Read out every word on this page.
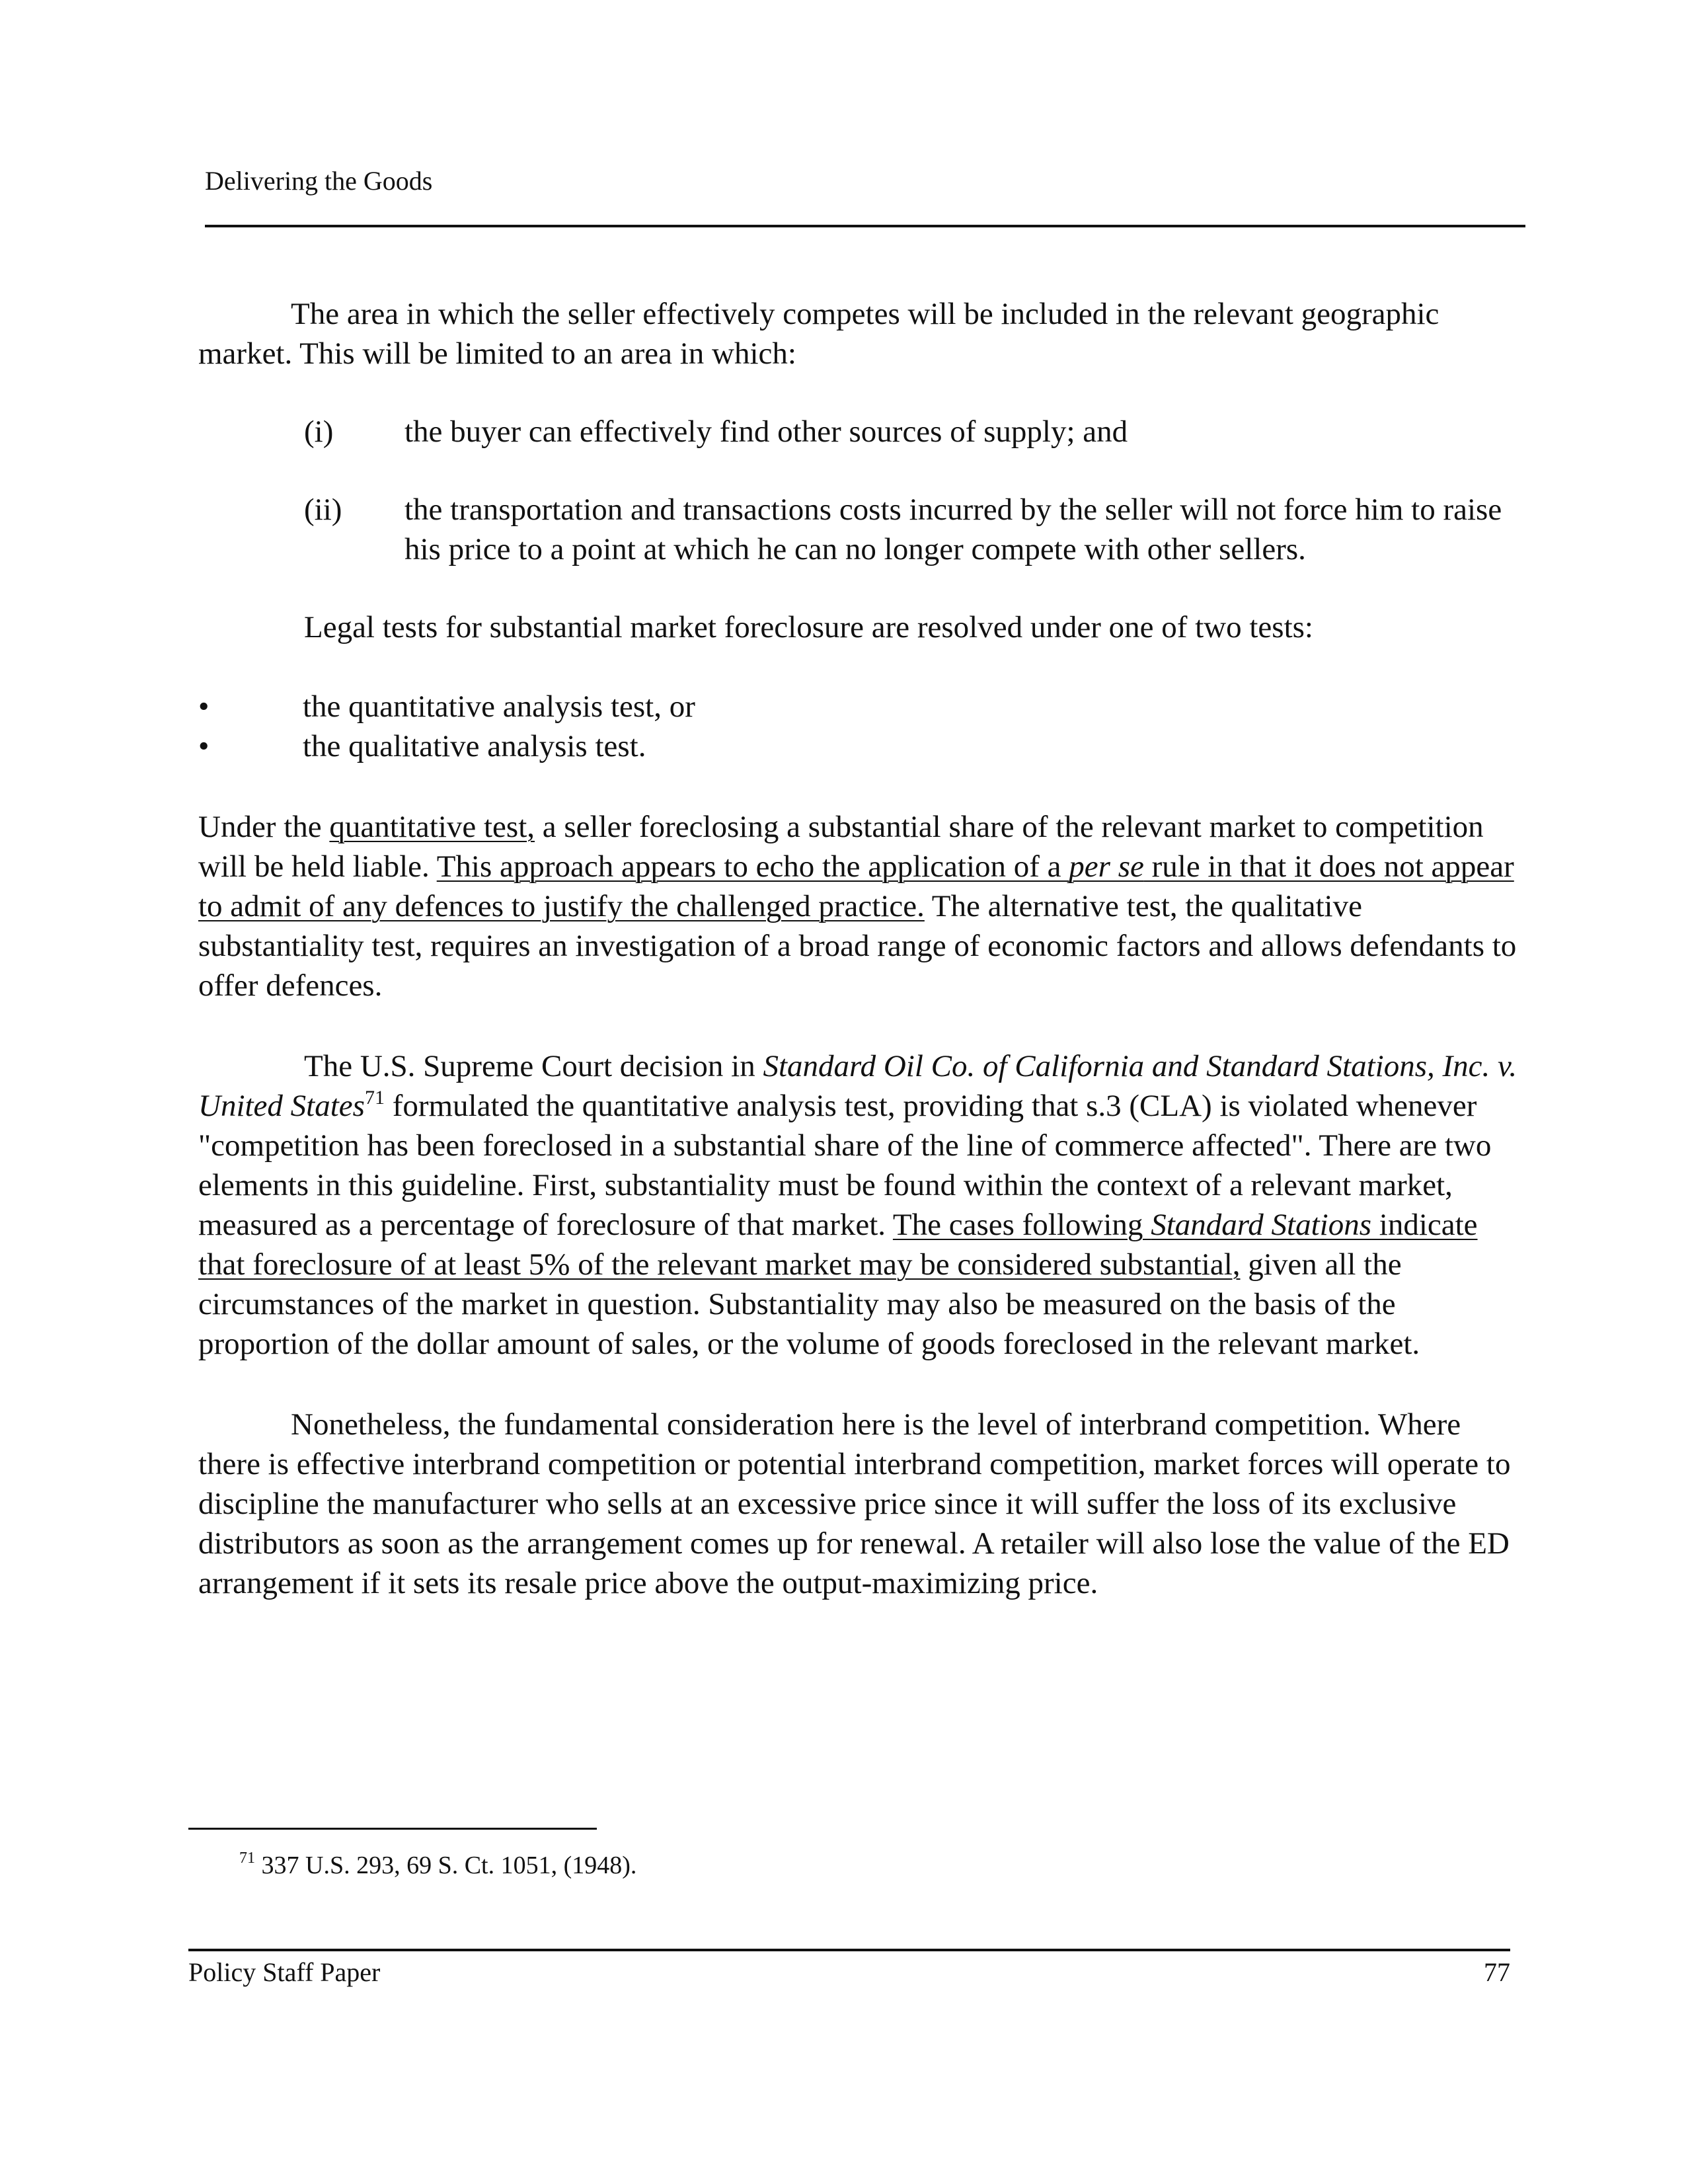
Delivering the Goods

The area in which the seller effectively competes will be included in the relevant geographic market. This will be limited to an area in which:

(i) the buyer can effectively find other sources of supply; and
(ii) the transportation and transactions costs incurred by the seller will not force him to raise his price to a point at which he can no longer compete with other sellers.

Legal tests for substantial market foreclosure are resolved under one of two tests:

•	the quantitative analysis test, or
•	the qualitative analysis test.

Under the quantitative test, a seller foreclosing a substantial share of the relevant market to competition will be held liable. This approach appears to echo the application of a per se rule in that it does not appear to admit of any defences to justify the challenged practice. The alternative test, the qualitative substantiality test, requires an investigation of a broad range of economic factors and allows defendants to offer defences.

The U.S. Supreme Court decision in Standard Oil Co. of California and Standard Stations, Inc. v. United States$^{71}$ formulated the quantitative analysis test, providing that s.3 (CLA) is violated whenever "competition has been foreclosed in a substantial share of the line of commerce affected". There are two elements in this guideline. First, substantiality must be found within the context of a relevant market, measured as a percentage of foreclosure of that market. The cases following Standard Stations indicate that foreclosure of at least 5% of the relevant market may be considered substantial, given all the circumstances of the market in question. Substantiality may also be measured on the basis of the proportion of the dollar amount of sales, or the volume of goods foreclosed in the relevant market.

Nonetheless, the fundamental consideration here is the level of interbrand competition. Where there is effective interbrand competition or potential interbrand competition, market forces will operate to discipline the manufacturer who sells at an excessive price since it will suffer the loss of its exclusive distributors as soon as the arrangement comes up for renewal. A retailer will also lose the value of the ED arrangement if it sets its resale price above the output-maximizing price.

$^{71}$ 337 U.S. 293, 69 S. Ct. 1051, (1948).
Policy Staff Paper	77
